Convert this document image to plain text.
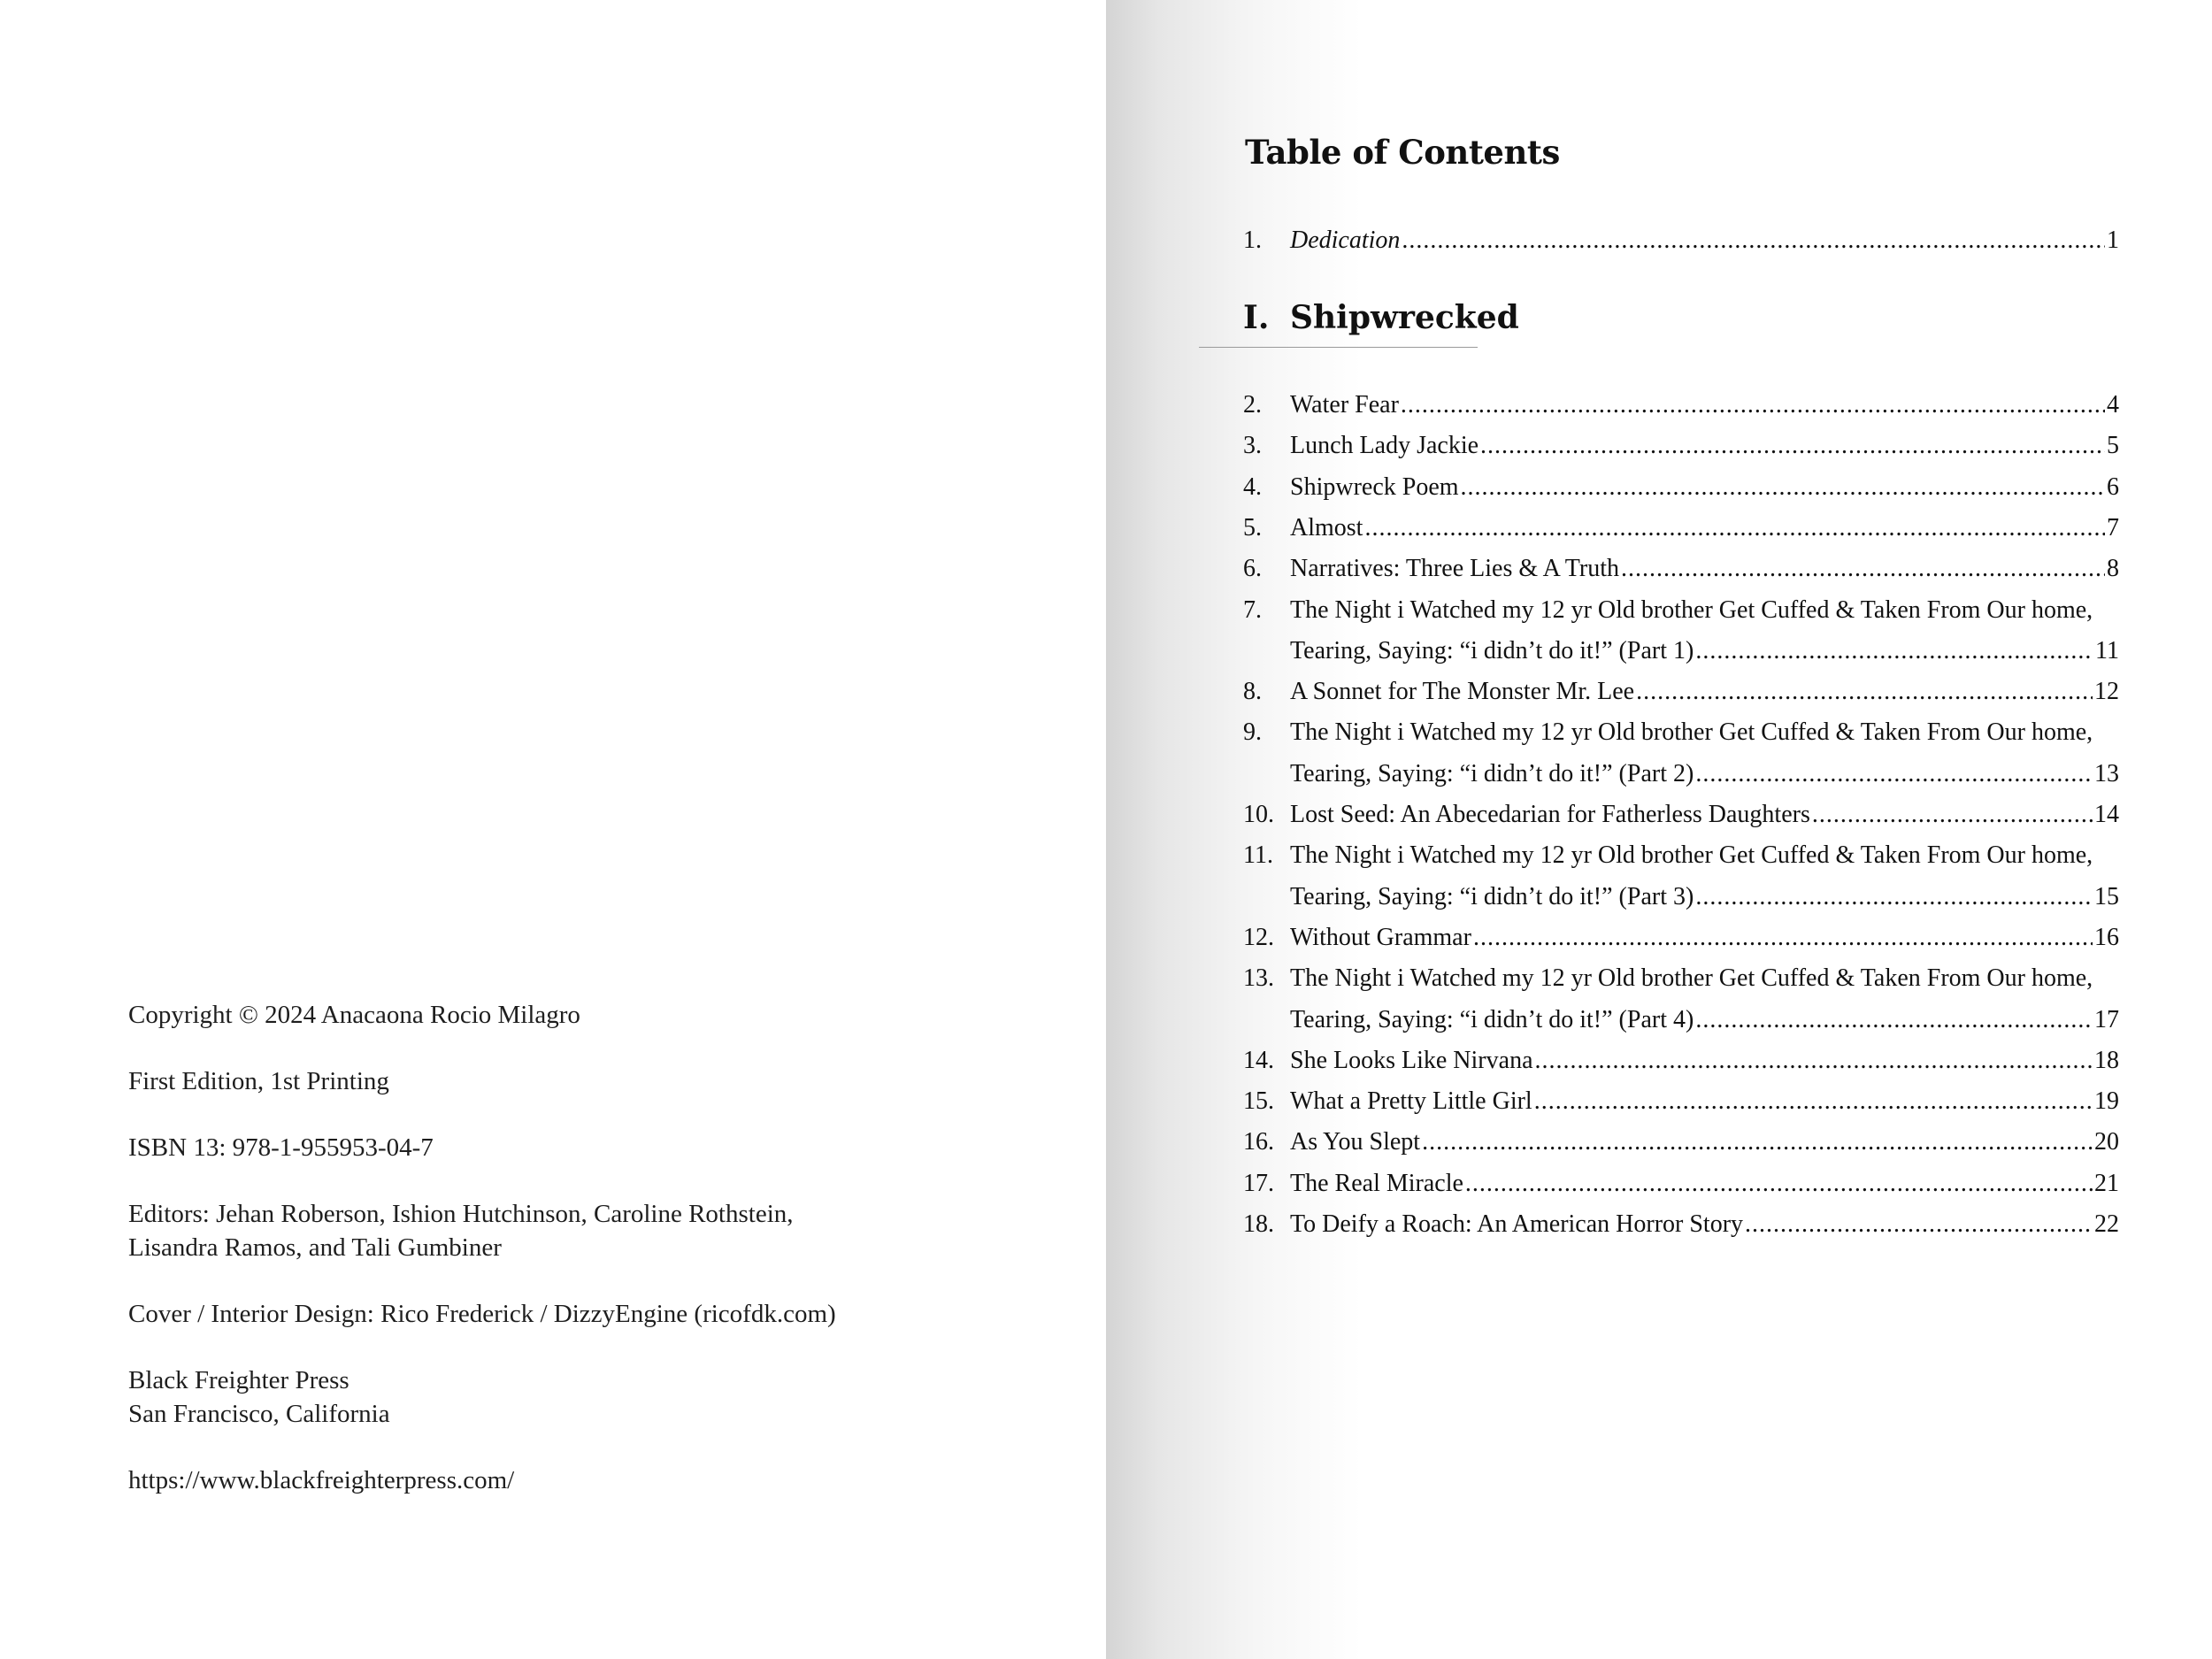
Copyright © 2024 Anacaona Rocio Milagro
First Edition, 1st Printing
ISBN 13: 978-1-955953-04-7
Editors: Jehan Roberson, Ishion Hutchinson, Caroline Rothstein,
Lisandra Ramos, and Tali Gumbiner
Cover / Interior Design: Rico Frederick / DizzyEngine (ricofdk.com)
Black Freighter Press
San Francisco, California
https://www.blackfreighterpress.com/
Table of Contents
1.	Dedication .....	1
I. Shipwrecked
2.	Water Fear .....	4
3.	Lunch Lady Jackie .....	5
4.	Shipwreck Poem .....	6
5.	Almost .....	7
6.	Narratives: Three Lies & A Truth .....	8
7.	The Night i Watched my 12 yr Old brother Get Cuffed & Taken From Our home,
Tearing, Saying: “i didn’t do it!” (Part 1) .....	11
8.	A Sonnet for The Monster Mr. Lee .....	12
9.	The Night i Watched my 12 yr Old brother Get Cuffed & Taken From Our home,
Tearing, Saying: “i didn’t do it!” (Part 2) .....	13
10. Lost Seed: An Abecedarian for Fatherless Daughters .....	14
11. The Night i Watched my 12 yr Old brother Get Cuffed & Taken From Our home,
Tearing, Saying: “i didn’t do it!” (Part 3) .....	15
12. Without Grammar .....	16
13. The Night i Watched my 12 yr Old brother Get Cuffed & Taken From Our home,
Tearing, Saying: “i didn’t do it!” (Part 4) .....	17
14. She Looks Like Nirvana .....	18
15. What a Pretty Little Girl .....	19
16. As You Slept .....	20
17. The Real Miracle .....	21
18. To Deify a Roach: An American Horror Story .....	22
